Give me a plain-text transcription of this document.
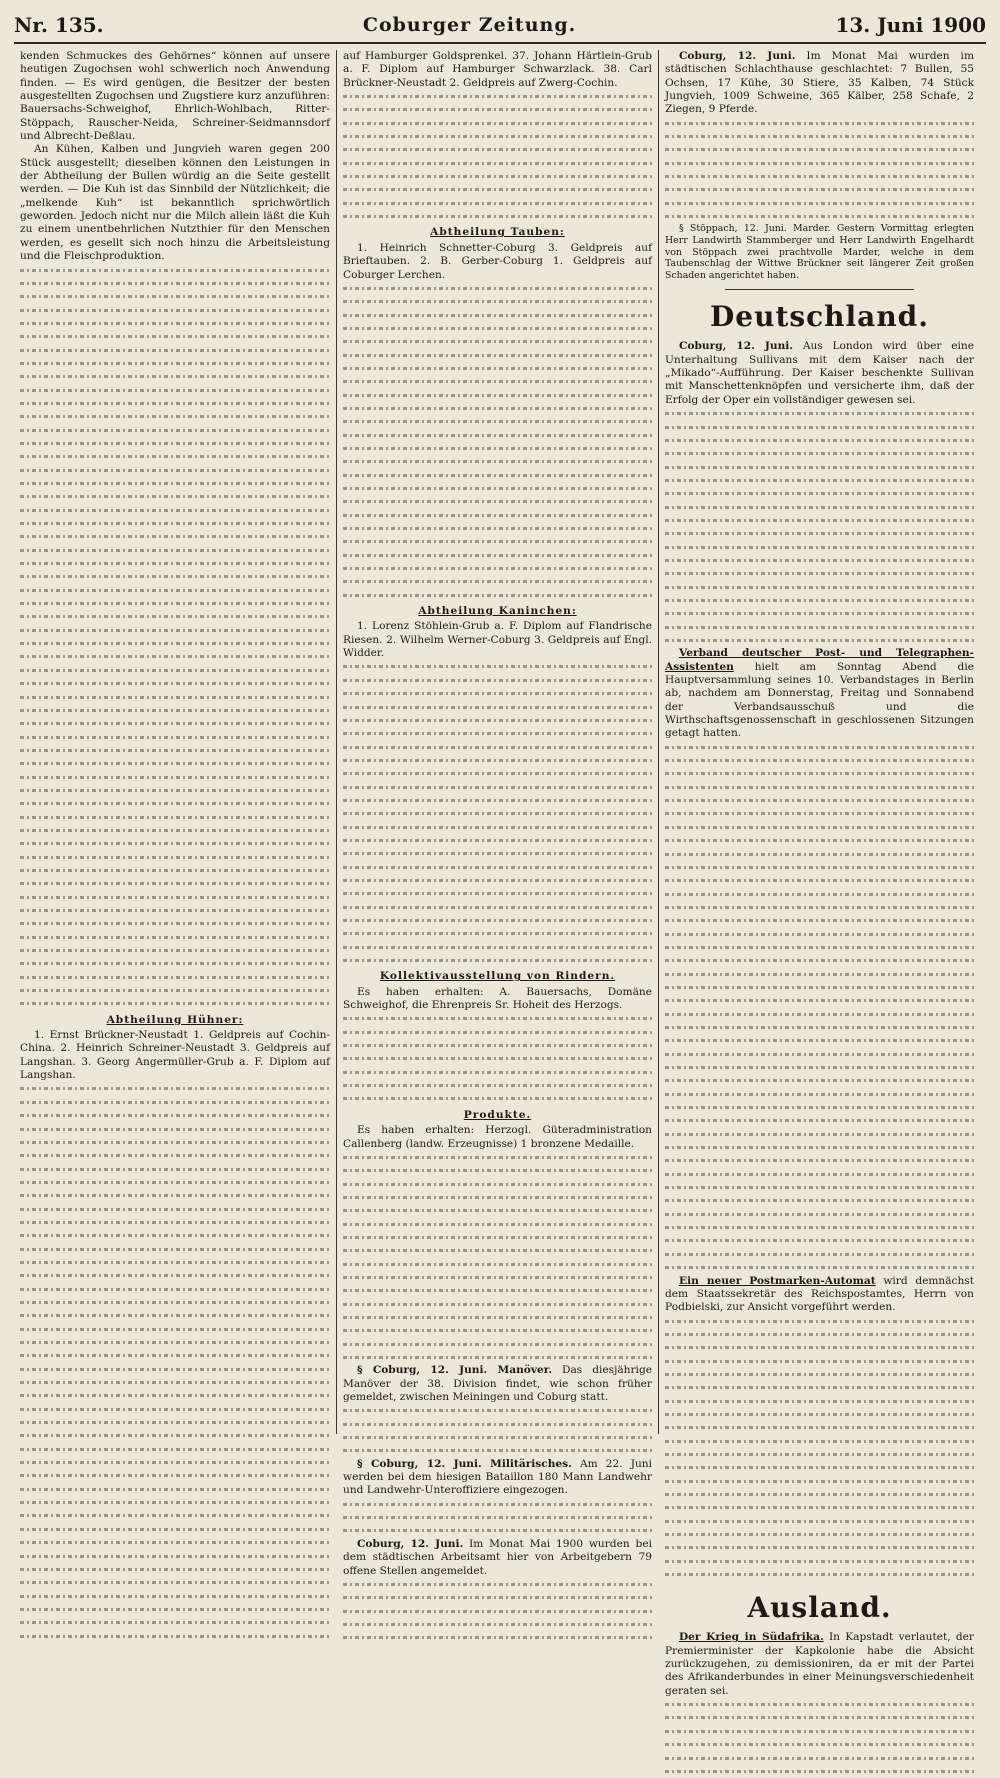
Nr. 135.	Coburger Zeitung.	13. Juni 1900

kenden Schmuckes des Gehörnes“ können auf unsere heutigen Zugochsen wohl schwerlich noch Anwendung finden. — Es wird genügen, die Besitzer der besten ausgestellten Zugochsen und Zugstiere kurz anzuführen: Bauersachs-Schweighof, Ehrlich-Wohlbach, Ritter-Stöppach, Rauscher-Neida, Schreiner-Seidmannsdorf und Albrecht-Deßlau.

An Kühen, Kalben und Jungvieh waren gegen 200 Stück ausgestellt; dieselben können den Leistungen in der Abtheilung der Bullen würdig an die Seite gestellt werden. — Die Kuh ist das Sinnbild der Nützlichkeit; die „melkende Kuh“ ist bekanntlich sprichwörtlich geworden. Jedoch nicht nur die Milch allein läßt die Kuh zu einem unentbehrlichen Nutzthier für den Menschen werden, es gesellt sich noch hinzu die Arbeitsleistung und die Fleischproduktion.

Abtheilung Hühner:

1. Ernst Brückner-Neustadt 1. Geldpreis auf Cochin-China. 2. Heinrich Schreiner-Neustadt 3. Geldpreis auf Langshan. 3. Georg Angermüller-Grub a. F. Diplom auf Langshan.

auf Hamburger Goldsprenkel. 37. Johann Härtlein-Grub a. F. Diplom auf Hamburger Schwarzlack. 38. Carl Brückner-Neustadt 2. Geldpreis auf Zwerg-Cochin.

Abtheilung Tauben:

1. Heinrich Schnetter-Coburg 3. Geldpreis auf Brieftauben. 2. B. Gerber-Coburg 1. Geldpreis auf Coburger Lerchen.

Abtheilung Kaninchen:

1. Lorenz Stöhlein-Grub a. F. Diplom auf Flandrische Riesen. 2. Wilhelm Werner-Coburg 3. Geldpreis auf Engl. Widder.

Kollektivausstellung von Rindern.

Es haben erhalten: A. Bauersachs, Domäne Schweighof, die Ehrenpreis Sr. Hoheit des Herzogs.

Produkte.

Es haben erhalten: Herzogl. Güteradministration Callenberg (landw. Erzeugnisse) 1 bronzene Medaille.

§ Coburg, 12. Juni. Manöver. Das diesjährige Manöver der 38. Division findet, wie schon früher gemeldet, zwischen Meiningen und Coburg statt.

§ Coburg, 12. Juni. Militärisches. Am 22. Juni werden bei dem hiesigen Bataillon 180 Mann Landwehr und Landwehr-Unteroffiziere eingezogen.

Coburg, 12. Juni. Im Monat Mai 1900 wurden bei dem städtischen Arbeitsamt hier von Arbeitgebern 79 offene Stellen angemeldet.

Coburg, 12. Juni. Im Monat Mai wurden im städtischen Schlachthause geschlachtet: 7 Bullen, 55 Ochsen, 17 Kühe, 30 Stiere, 35 Kalben, 74 Stück Jungvieh, 1009 Schweine, 365 Kälber, 258 Schafe, 2 Ziegen, 9 Pferde.

§ Stöppach, 12. Juni. Marder. Gestern Vormittag erlegten Herr Landwirth Stammberger und Herr Landwirth Engelhardt von Stöppach zwei prachtvolle Marder, welche in dem Taubenschlag der Wittwe Brückner seit längerer Zeit großen Schaden angerichtet haben.

Deutschland.

Coburg, 12. Juni. Aus London wird über eine Unterhaltung Sullivans mit dem Kaiser nach der „Mikado“-Aufführung. Der Kaiser beschenkte Sullivan mit Manschettenknöpfen und versicherte ihm, daß der Erfolg der Oper ein vollständiger gewesen sei.

Verband deutscher Post- und Telegraphen-Assistenten hielt am Sonntag Abend die Hauptversammlung seines 10. Verbandstages in Berlin ab, nachdem am Donnerstag, Freitag und Sonnabend der Verbandsausschuß und die Wirthschaftsgenossenschaft in geschlossenen Sitzungen getagt hatten.

Ein neuer Postmarken-Automat wird demnächst dem Staatssekretär des Reichspostamtes, Herrn von Podbielski, zur Ansicht vorgeführt werden.

Ausland.

Der Krieg in Südafrika. In Kapstadt verlautet, der Premierminister der Kapkolonie habe die Absicht zurückzugehen, zu demissioniren, da er mit der Partei des Afrikanderbundes in einer Meinungsverschiedenheit geraten sei.
